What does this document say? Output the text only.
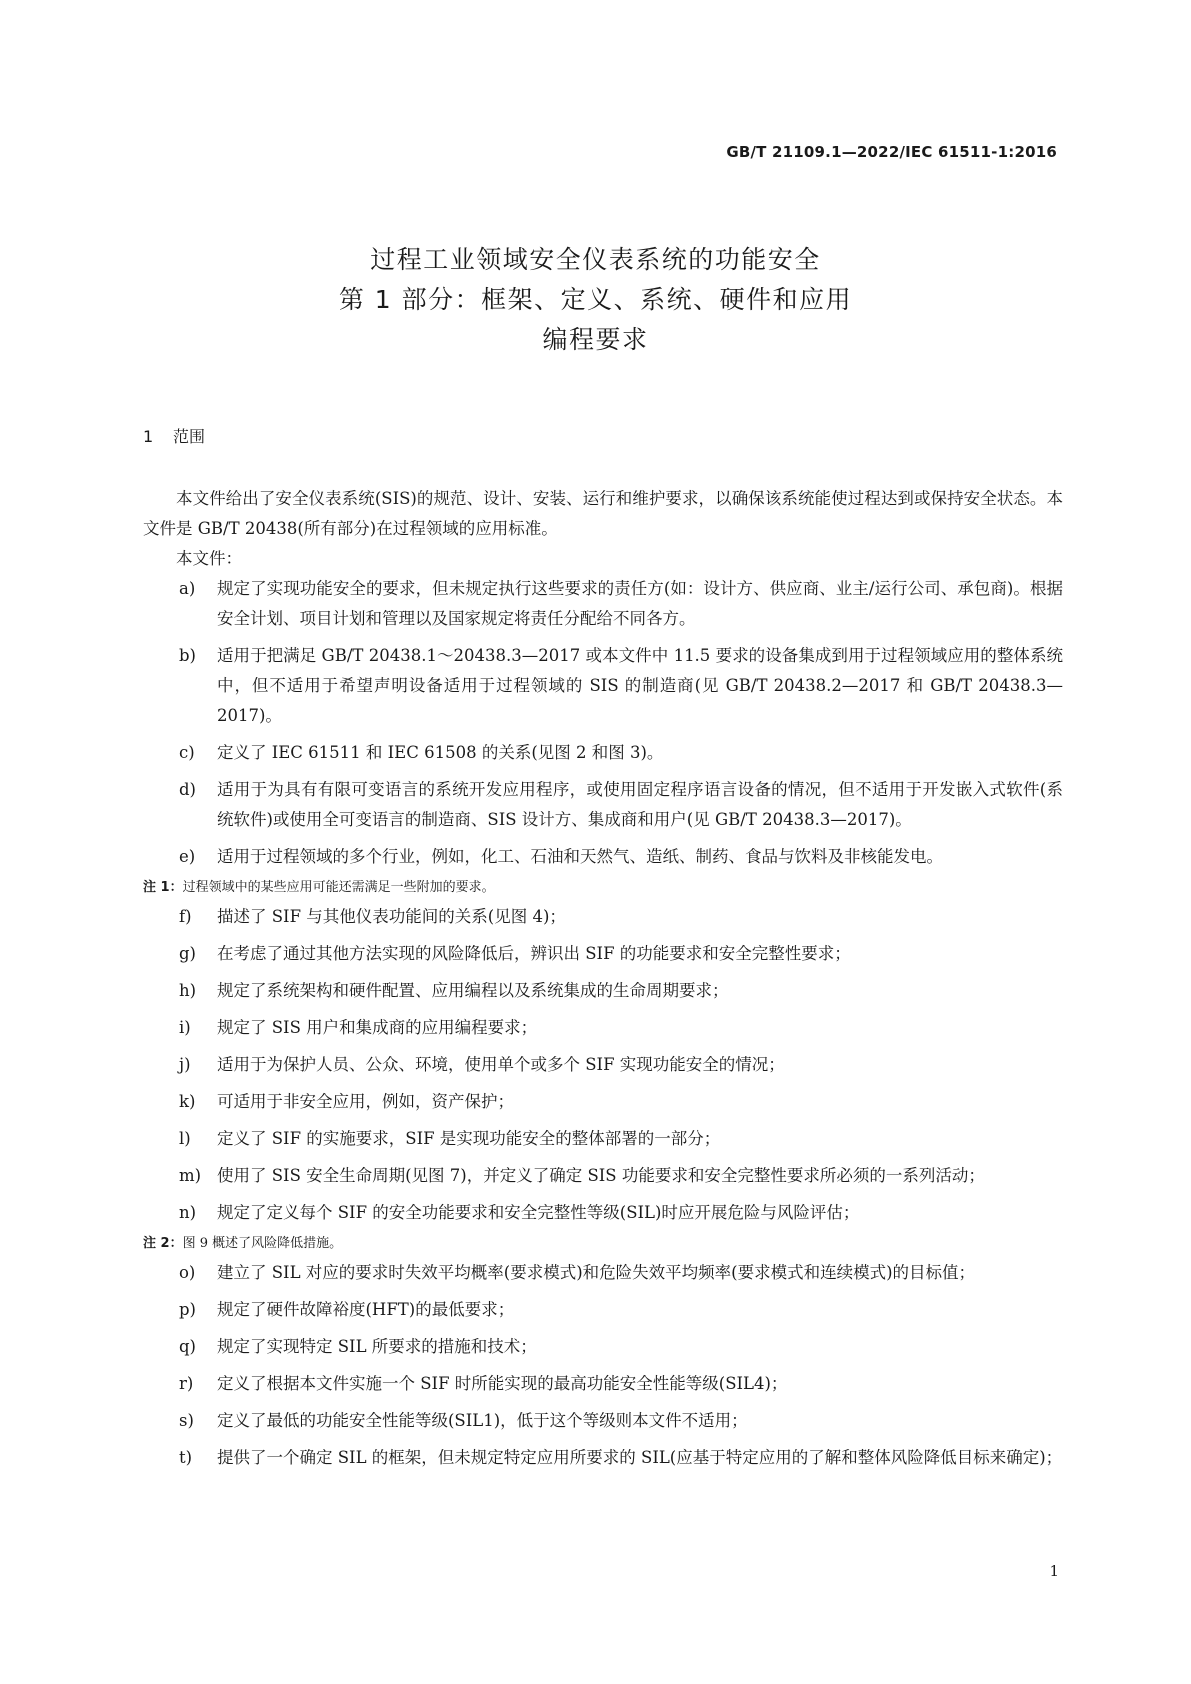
GB/T 21109.1—2022/IEC 61511-1:2016
过程工业领域安全仪表系统的功能安全
第 1 部分：框架、定义、系统、硬件和应用
编程要求
1 范围

本文件给出了安全仪表系统(SIS)的规范、设计、安装、运行和维护要求，以确保该系统能使过程达到或保持安全状态。本文件是 GB/T 20438(所有部分)在过程领域的应用标准。

本文件：

a) 规定了实现功能安全的要求，但未规定执行这些要求的责任方(如：设计方、供应商、业主/运行公司、承包商)。根据安全计划、项目计划和管理以及国家规定将责任分配给不同各方。
b) 适用于把满足 GB/T 20438.1～20438.3—2017 或本文件中 11.5 要求的设备集成到用于过程领域应用的整体系统中，但不适用于希望声明设备适用于过程领域的 SIS 的制造商(见 GB/T 20438.2—2017 和 GB/T 20438.3—2017)。
c) 定义了 IEC 61511 和 IEC 61508 的关系(见图 2 和图 3)。
d) 适用于为具有有限可变语言的系统开发应用程序，或使用固定程序语言设备的情况，但不适用于开发嵌入式软件(系统软件)或使用全可变语言的制造商、SIS 设计方、集成商和用户(见 GB/T 20438.3—2017)。
e) 适用于过程领域的多个行业，例如，化工、石油和天然气、造纸、制药、食品与饮料及非核能发电。
注 1：过程领域中的某些应用可能还需满足一些附加的要求。
f) 描述了 SIF 与其他仪表功能间的关系(见图 4)；
g) 在考虑了通过其他方法实现的风险降低后，辨识出 SIF 的功能要求和安全完整性要求；
h) 规定了系统架构和硬件配置、应用编程以及系统集成的生命周期要求；
i) 规定了 SIS 用户和集成商的应用编程要求；
j) 适用于为保护人员、公众、环境，使用单个或多个 SIF 实现功能安全的情况；
k) 可适用于非安全应用，例如，资产保护；
l) 定义了 SIF 的实施要求，SIF 是实现功能安全的整体部署的一部分；
m) 使用了 SIS 安全生命周期(见图 7)，并定义了确定 SIS 功能要求和安全完整性要求所必须的一系列活动；
n) 规定了定义每个 SIF 的安全功能要求和安全完整性等级(SIL)时应开展危险与风险评估；
注 2：图 9 概述了风险降低措施。
o) 建立了 SIL 对应的要求时失效平均概率(要求模式)和危险失效平均频率(要求模式和连续模式)的目标值；
p) 规定了硬件故障裕度(HFT)的最低要求；
q) 规定了实现特定 SIL 所要求的措施和技术；
r) 定义了根据本文件实施一个 SIF 时所能实现的最高功能安全性能等级(SIL4)；
s) 定义了最低的功能安全性能等级(SIL1)，低于这个等级则本文件不适用；
t) 提供了一个确定 SIL 的框架，但未规定特定应用所要求的 SIL(应基于特定应用的了解和整体风险降低目标来确定)；
1
